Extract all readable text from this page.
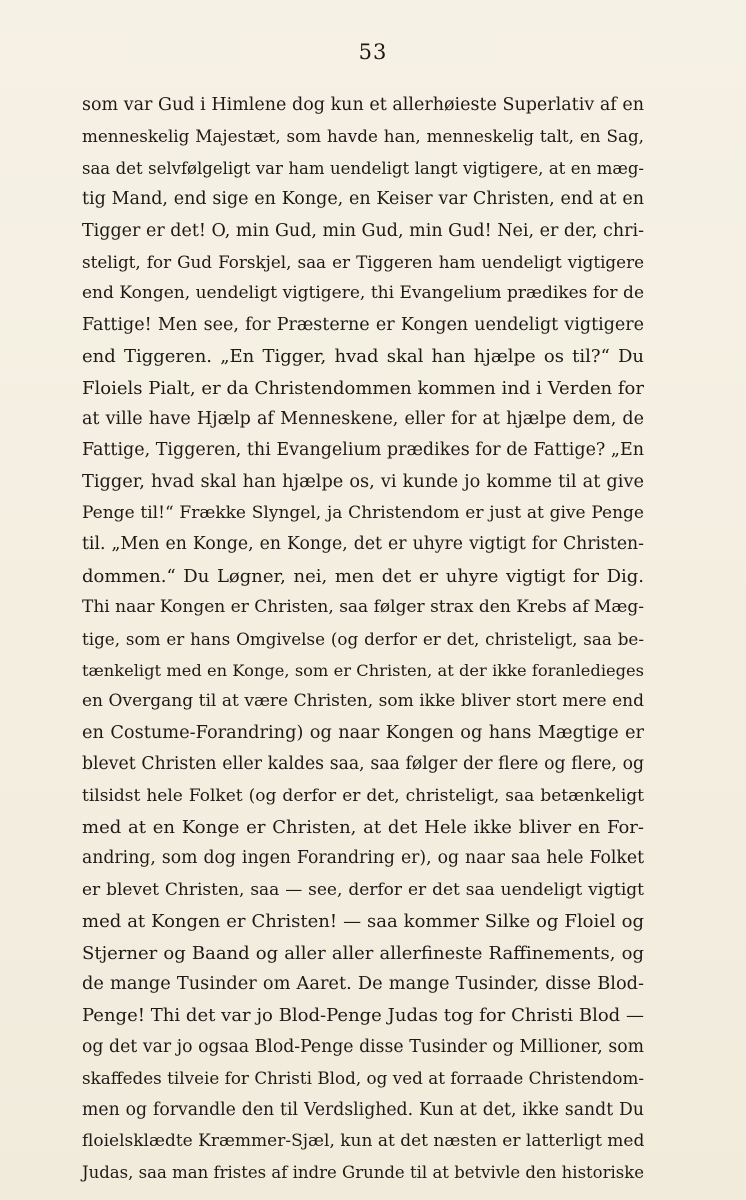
53
som var Gud i Himlene dog kun et allerhøieste Superlativ af en
menneskelig Majestæt, som havde han, menneskelig talt, en Sag,
saa det selvfølgeligt var ham uendeligt langt vigtigere, at en mæg-
tig Mand, end sige en Konge, en Keiser var Christen, end at en
Tigger er det! O, min Gud, min Gud, min Gud! Nei, er der, chri-
steligt, for Gud Forskjel, saa er Tiggeren ham uendeligt vigtigere
end Kongen, uendeligt vigtigere, thi Evangelium prædikes for de
Fattige! Men see, for Præsterne er Kongen uendeligt vigtigere
end Tiggeren. „En Tigger, hvad skal han hjælpe os til?“ Du
Floiels Pialt, er da Christendommen kommen ind i Verden for
at ville have Hjælp af Menneskene, eller for at hjælpe dem, de
Fattige, Tiggeren, thi Evangelium prædikes for de Fattige? „En
Tigger, hvad skal han hjælpe os, vi kunde jo komme til at give
Penge til!“ Frække Slyngel, ja Christendom er just at give Penge
til. „Men en Konge, en Konge, det er uhyre vigtigt for Christen-
dommen.“ Du Løgner, nei, men det er uhyre vigtigt for Dig.
Thi naar Kongen er Christen, saa følger strax den Krebs af Mæg-
tige, som er hans Omgivelse (og derfor er det, christeligt, saa be-
tænkeligt med en Konge, som er Christen, at der ikke foranledieges
en Overgang til at være Christen, som ikke bliver stort mere end
en Costume-Forandring) og naar Kongen og hans Mægtige er
blevet Christen eller kaldes saa, saa følger der flere og flere, og
tilsidst hele Folket (og derfor er det, christeligt, saa betænkeligt
med at en Konge er Christen, at det Hele ikke bliver en For-
andring, som dog ingen Forandring er), og naar saa hele Folket
er blevet Christen, saa — see, derfor er det saa uendeligt vigtigt
med at Kongen er Christen! — saa kommer Silke og Floiel og
Stjerner og Baand og aller aller allerfineste Raffinements, og
de mange Tusinder om Aaret. De mange Tusinder, disse Blod-
Penge! Thi det var jo Blod-Penge Judas tog for Christi Blod —
og det var jo ogsaa Blod-Penge disse Tusinder og Millioner, som
skaffedes tilveie for Christi Blod, og ved at forraade Christendom-
men og forvandle den til Verdslighed. Kun at det, ikke sandt Du
floielsklædte Kræmmer-Sjæl, kun at det næsten er latterligt med
Judas, saa man fristes af indre Grunde til at betvivle den historiske
